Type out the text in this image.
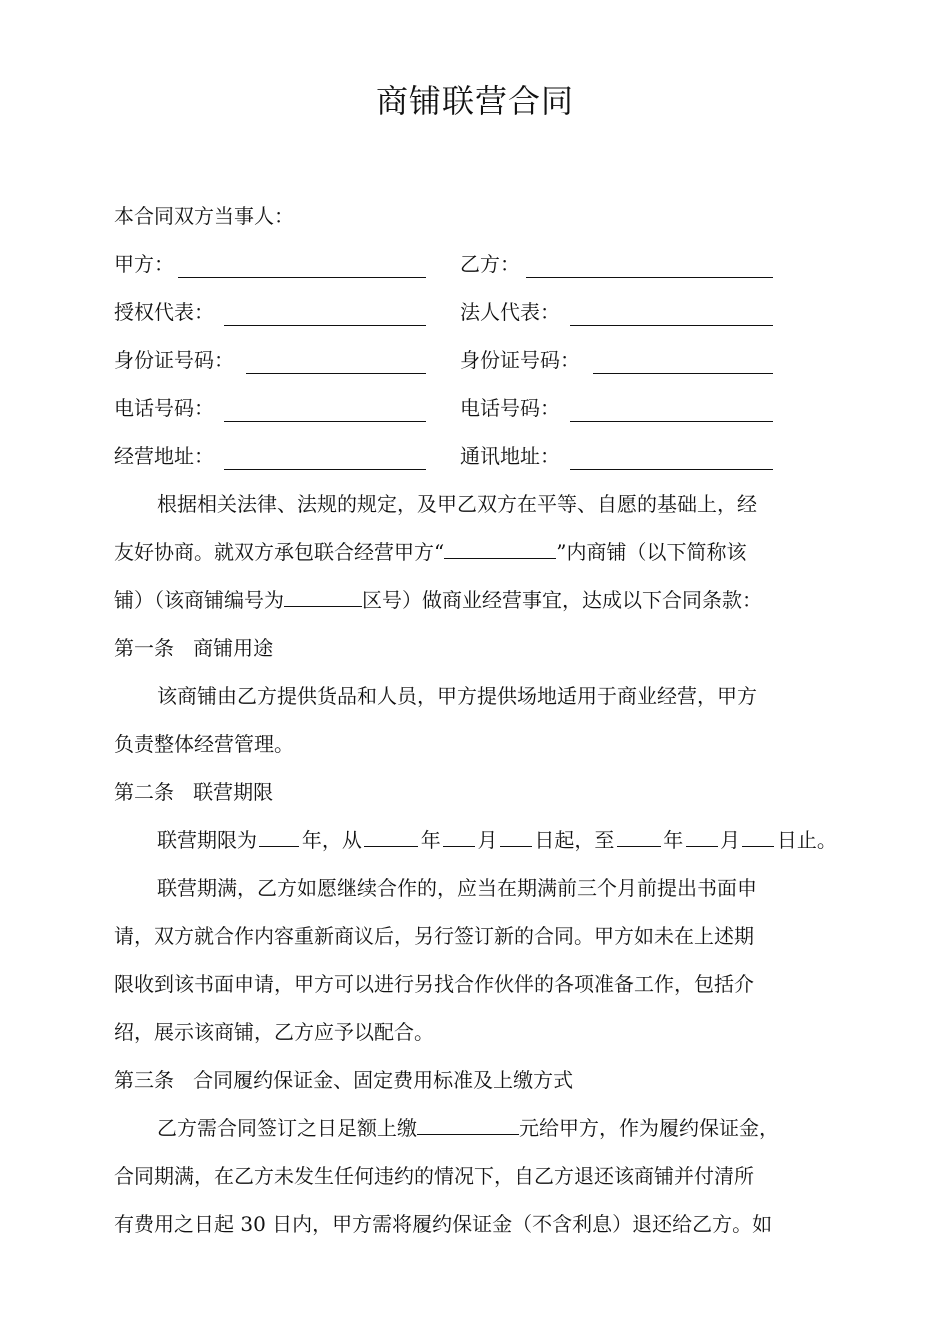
商铺联营合同
本合同双方当事人：
甲方：	乙方：
授权代表：	法人代表：
身份证号码：	身份证号码：
电话号码：	电话号码：
经营地址：	通讯地址：
根据相关法律、法规的规定，及甲乙双方在平等、自愿的基础上，经
友好协商。就双方承包联合经营甲方“	”内商铺（以下简称该
铺）（该商铺编号为	区号）做商业经营事宜，达成以下合同条款：
第一条   商铺用途
该商铺由乙方提供货品和人员，甲方提供场地适用于商业经营，甲方
负责整体经营管理。
第二条   联营期限
联营期限为 年，从	年 月 日起，至 年 月 日止。
联营期满，乙方如愿继续合作的，应当在期满前三个月前提出书面申
请，双方就合作内容重新商议后，另行签订新的合同。甲方如未在上述期
限收到该书面申请，甲方可以进行另找合作伙伴的各项准备工作，包括介
绍，展示该商铺，乙方应予以配合。
第三条   合同履约保证金、固定费用标准及上缴方式
乙方需合同签订之日足额上缴	元给甲方，作为履约保证金，
合同期满，在乙方未发生任何违约的情况下，自乙方退还该商铺并付清所
有费用之日起 30 日内，甲方需将履约保证金（不含利息）退还给乙方。如
